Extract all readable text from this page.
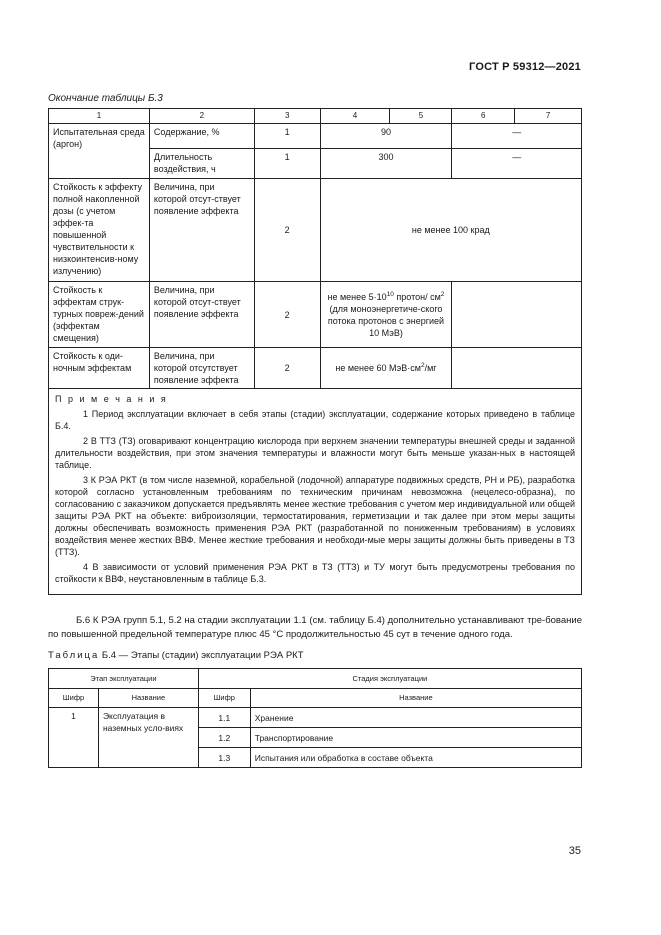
ГОСТ Р 59312—2021
Окончание таблицы Б.3
1	2	3	4	5	6	7
Испытательная среда (аргон)	Содержание, %	1	90		—	
	Длительность воздействия, ч	1	300		—	
Стойкость к эффекту полной накопленной дозы (с учетом эффек-та повышенной чувствительности к низкоинтенсив-ному излучению)	Величина, при которой отсут-ствует появление эффекта	2	не менее 100 крад			
Стойкость к эффектам струк-турных повреж-дений (эффектам смещения)	Величина, при которой отсут-ствует появление эффекта	2	не менее $5\cdot 10^{10}$ протон/ $см^2$ (для моноэнергетиче-ского потока протонов с энергией 10 МэВ)			
Стойкость к оди-ночным эффектам	Величина, при которой отсутствует появление эффекта	2	не менее 60 $МэВ\cdot см^2/мг$			

П р и м е ч а н и я

1 Период эксплуатации включает в себя этапы (стадии) эксплуатации, содержание которых приведено в таблице Б.4.

2 В ТТЗ (ТЗ) оговаривают концентрацию кислорода при верхнем значении температуры внешней среды и заданной длительности воздействия, при этом значения температуры и влажности могут быть меньше указан-ных в настоящей таблице.

3 К РЭА РКТ (в том числе наземной, корабельной (лодочной) аппаратуре подвижных средств, РН и РБ), разработка которой согласно установленным требованиям по техническим причинам невозможна (нецелесо-образна), по согласованию с заказчиком допускается предъявлять менее жесткие требования с учетом мер индивидуальной или общей защиты РЭА РКТ на объекте: виброизоляции, термостатирования, герметизации и так далее при этом меры защиты должны обеспечивать возможность применения РЭА РКТ (разработанной по пониженным требованиям) в условиях воздействия менее жестких ВВФ. Менее жесткие требования и необходи-мые меры защиты должны быть приведены в ТЗ (ТТЗ).

4 В зависимости от условий применения РЭА РКТ в ТЗ (ТТЗ) и ТУ могут быть предусмотрены требования по стойкости к ВВФ, неустановленным в таблице Б.3.						

Б.6 К РЭА групп 5.1, 5.2 на стадии эксплуатации 1.1 (см. таблицу Б.4) дополнительно устанавливают тре-бование по повышенной предельной температуре плюс 45 °С продолжительностью 45 сут в течение одного года.
Таблица Б.4 — Этапы (стадии) эксплуатации РЭА РКТ
Этап эксплуатации		Стадия эксплуатации	
Шифр	Название	Шифр	Название
1	Эксплуатация в наземных усло-виях	1.1	Хранение
		1.2	Транспортирование
		1.3	Испытания или обработка в составе объекта
35
